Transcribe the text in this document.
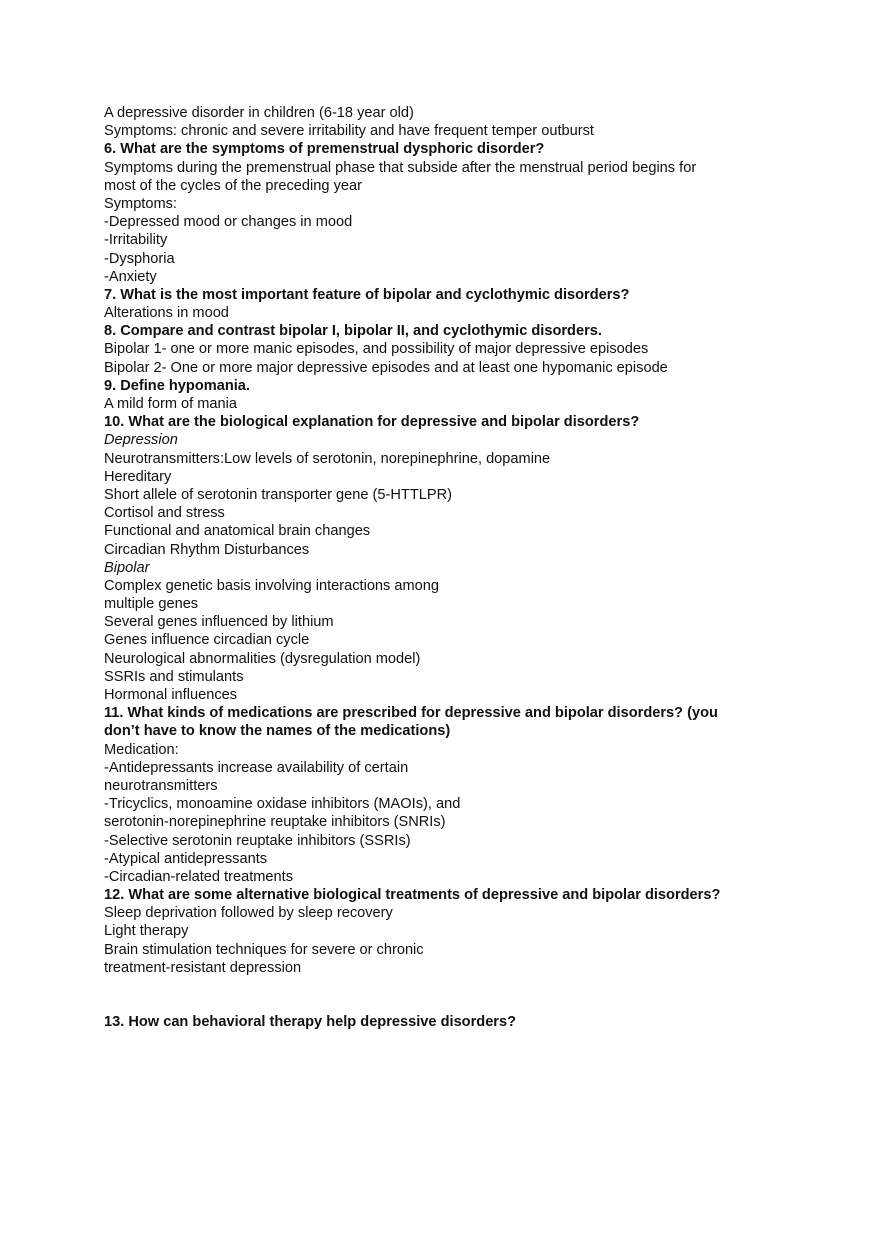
A depressive disorder in children (6-18 year old)
Symptoms: chronic and severe irritability and have frequent temper outburst
6. What are the symptoms of premenstrual dysphoric disorder?
Symptoms during the premenstrual phase that subside after the menstrual period begins for
most of the cycles of the preceding year
Symptoms:
-Depressed mood or changes in mood
-Irritability
-Dysphoria
-Anxiety
7. What is the most important feature of bipolar and cyclothymic disorders?
Alterations in mood
8. Compare and contrast bipolar I, bipolar II, and cyclothymic disorders.
Bipolar 1- one or more manic episodes, and possibility of major depressive episodes
Bipolar 2- One or more major depressive episodes and at least one hypomanic episode
9. Define hypomania.
A mild form of mania
10. What are the biological explanation for depressive and bipolar disorders?
Depression
Neurotransmitters:Low levels of serotonin, norepinephrine, dopamine
Hereditary
Short allele of serotonin transporter gene (5-HTTLPR)
Cortisol and stress
Functional and anatomical brain changes
Circadian Rhythm Disturbances
Bipolar
Complex genetic basis involving interactions among
multiple genes
Several genes influenced by lithium
Genes influence circadian cycle
Neurological abnormalities (dysregulation model)
SSRIs and stimulants
Hormonal influences
11. What kinds of medications are prescribed for depressive and bipolar disorders? (you
don’t have to know the names of the medications)
Medication:
-Antidepressants increase availability of certain
neurotransmitters
-Tricyclics, monoamine oxidase inhibitors (MAOIs), and
serotonin-norepinephrine reuptake inhibitors (SNRIs)
-Selective serotonin reuptake inhibitors (SSRIs)
-Atypical antidepressants
-Circadian-related treatments
12. What are some alternative biological treatments of depressive and bipolar disorders?
Sleep deprivation followed by sleep recovery
Light therapy
Brain stimulation techniques for severe or chronic
treatment-resistant depression
13. How can behavioral therapy help depressive disorders?
